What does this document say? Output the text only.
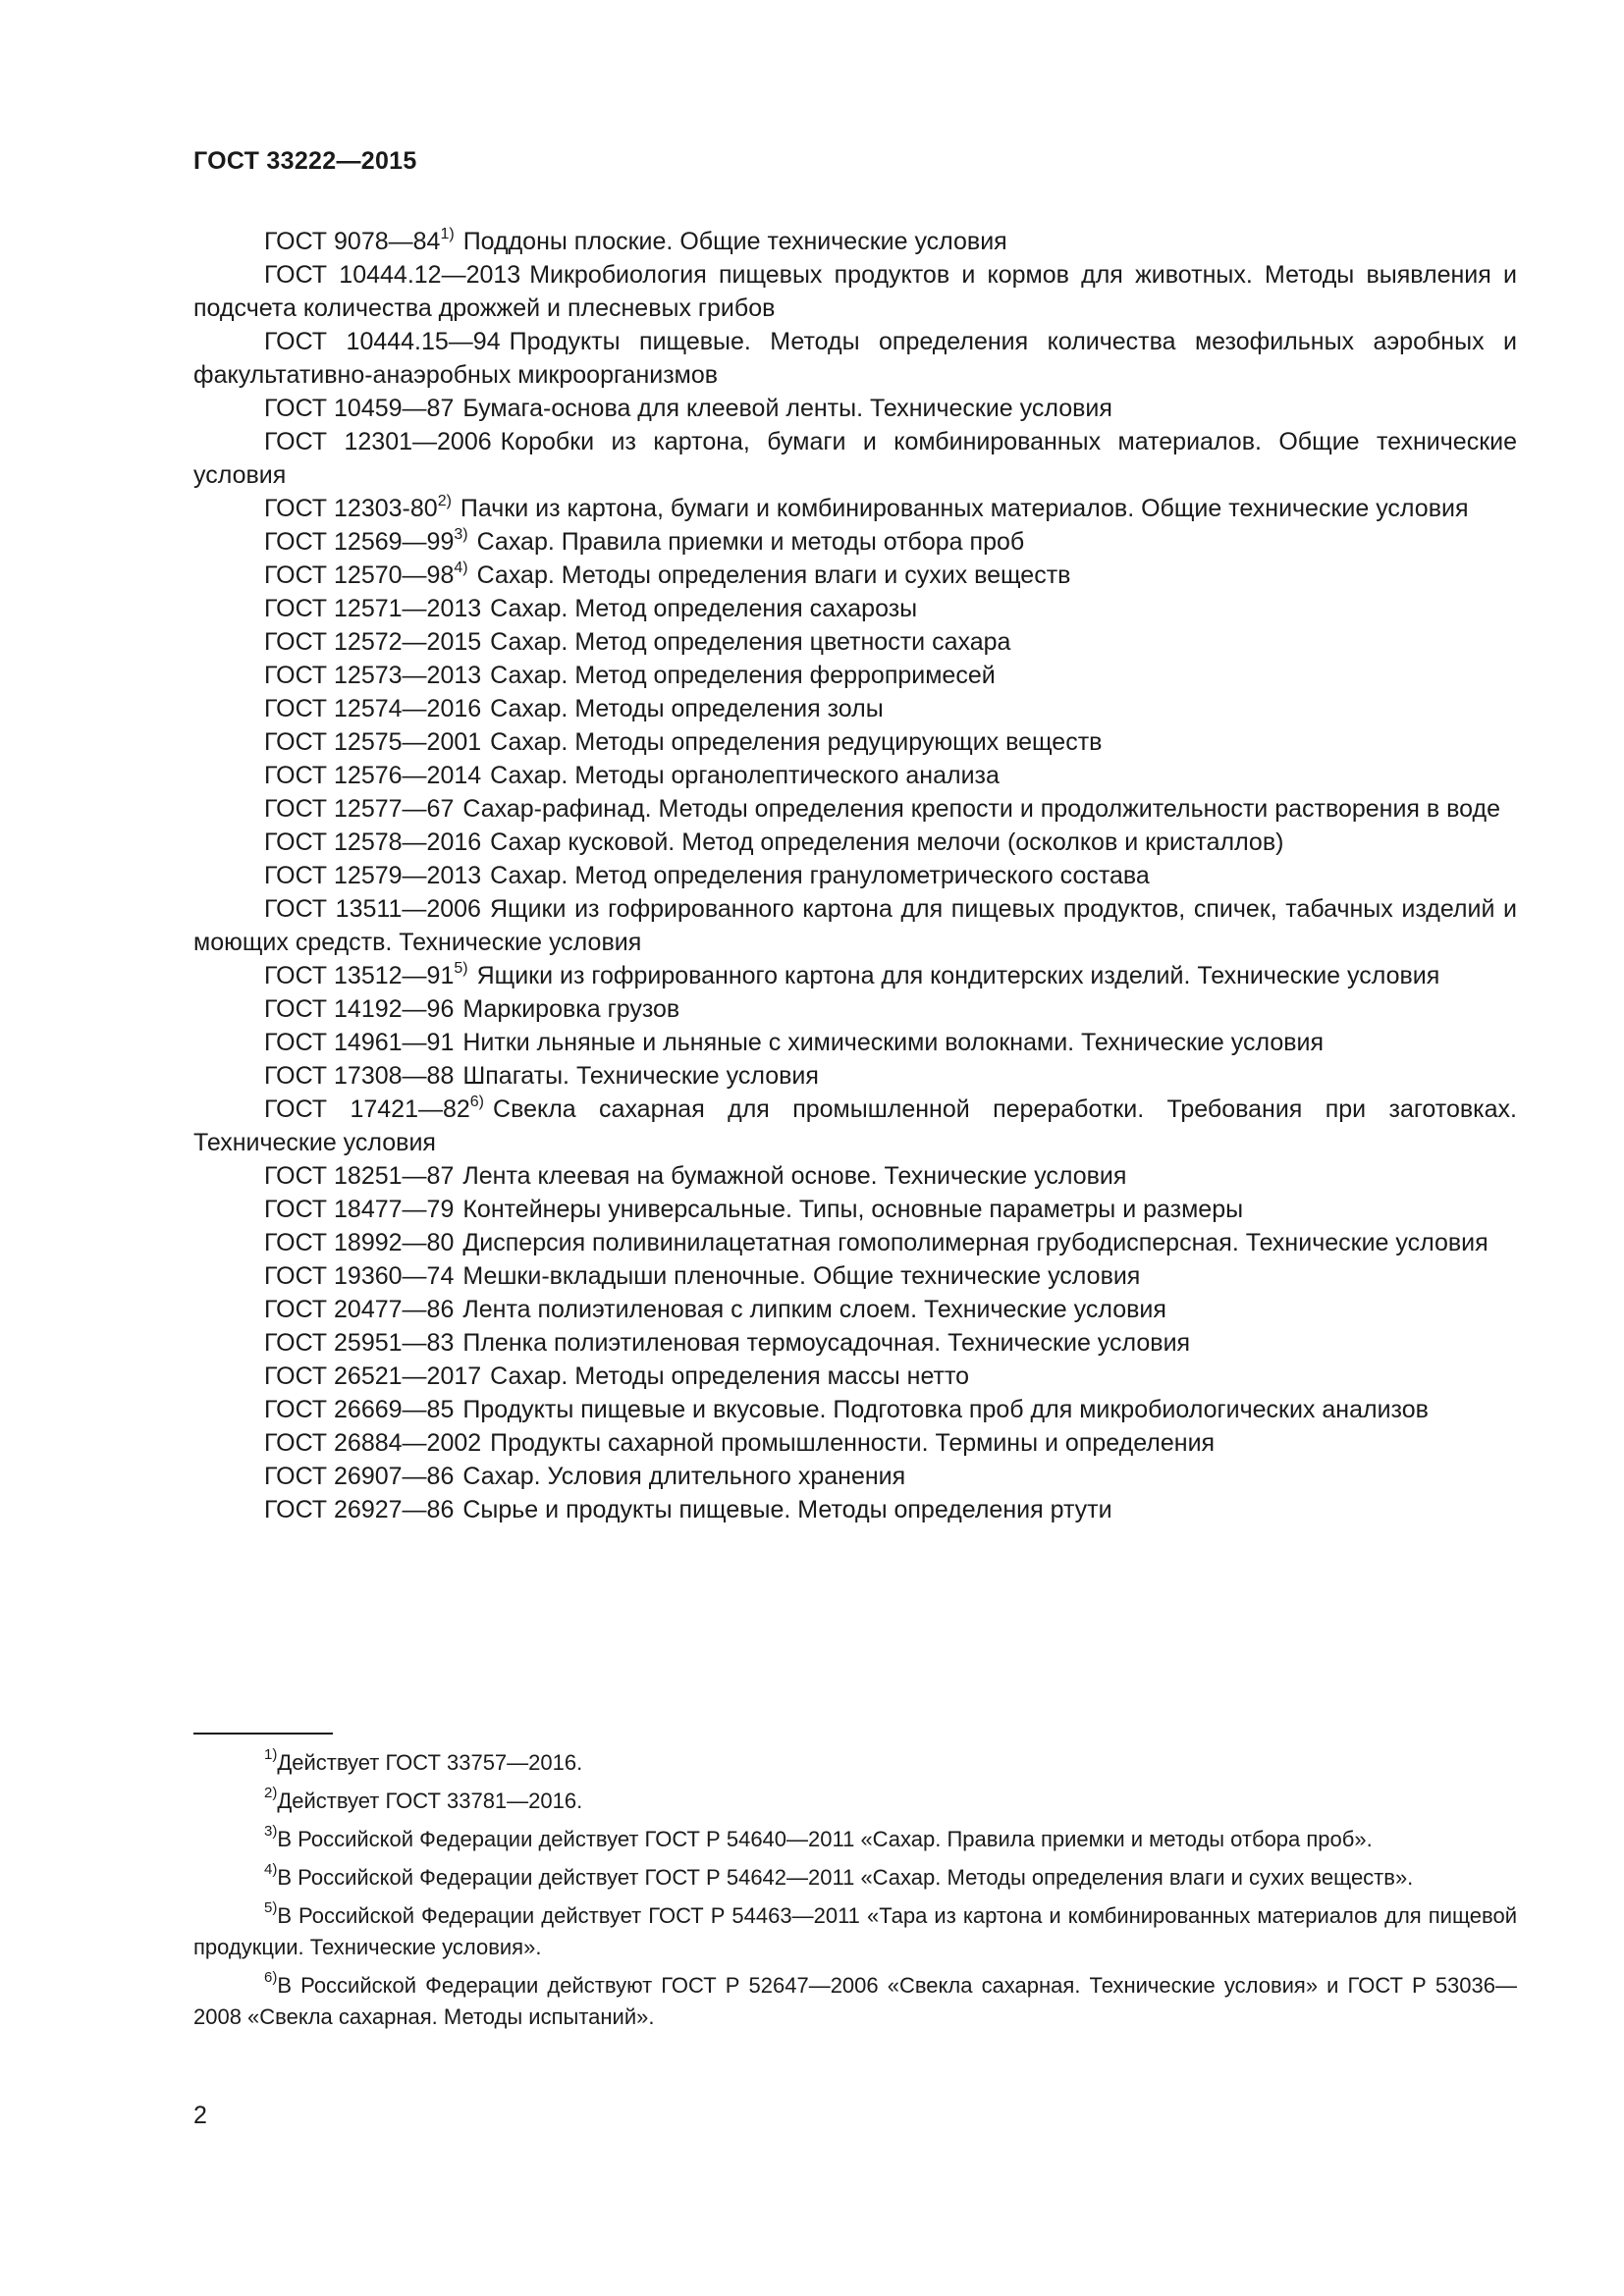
ГОСТ 33222—2015

ГОСТ 9078—84$^{1)}$ Поддоны плоские. Общие технические условия

ГОСТ 10444.12—2013 Микробиология пищевых продуктов и кормов для животных. Методы выявления и подсчета количества дрожжей и плесневых грибов

ГОСТ 10444.15—94 Продукты пищевые. Методы определения количества мезофильных аэробных и факультативно-анаэробных микроорганизмов

ГОСТ 10459—87 Бумага-основа для клеевой ленты. Технические условия

ГОСТ 12301—2006 Коробки из картона, бумаги и комбинированных материалов. Общие технические условия

ГОСТ 12303-80$^{2)}$ Пачки из картона, бумаги и комбинированных материалов. Общие технические условия

ГОСТ 12569—99$^{3)}$ Сахар. Правила приемки и методы отбора проб

ГОСТ 12570—98$^{4)}$ Сахар. Методы определения влаги и сухих веществ

ГОСТ 12571—2013 Сахар. Метод определения сахарозы

ГОСТ 12572—2015 Сахар. Метод определения цветности сахара

ГОСТ 12573—2013 Сахар. Метод определения ферропримесей

ГОСТ 12574—2016 Сахар. Методы определения золы

ГОСТ 12575—2001 Сахар. Методы определения редуцирующих веществ

ГОСТ 12576—2014 Сахар. Методы органолептического анализа

ГОСТ 12577—67 Сахар-рафинад. Методы определения крепости и продолжительности растворения в воде

ГОСТ 12578—2016 Сахар кусковой. Метод определения мелочи (осколков и кристаллов)

ГОСТ 12579—2013 Сахар. Метод определения гранулометрического состава

ГОСТ 13511—2006 Ящики из гофрированного картона для пищевых продуктов, спичек, табачных изделий и моющих средств. Технические условия

ГОСТ 13512—91$^{5)}$ Ящики из гофрированного картона для кондитерских изделий. Технические условия

ГОСТ 14192—96 Маркировка грузов

ГОСТ 14961—91 Нитки льняные и льняные с химическими волокнами. Технические условия

ГОСТ 17308—88 Шпагаты. Технические условия

ГОСТ 17421—82$^{6)}$ Свекла сахарная для промышленной переработки. Требования при заготовках. Технические условия

ГОСТ 18251—87 Лента клеевая на бумажной основе. Технические условия

ГОСТ 18477—79 Контейнеры универсальные. Типы, основные параметры и размеры

ГОСТ 18992—80 Дисперсия поливинилацетатная гомополимерная грубодисперсная. Технические условия

ГОСТ 19360—74 Мешки-вкладыши пленочные. Общие технические условия

ГОСТ 20477—86 Лента полиэтиленовая с липким слоем. Технические условия

ГОСТ 25951—83 Пленка полиэтиленовая термоусадочная. Технические условия

ГОСТ 26521—2017 Сахар. Методы определения массы нетто

ГОСТ 26669—85 Продукты пищевые и вкусовые. Подготовка проб для микробиологических анализов

ГОСТ 26884—2002 Продукты сахарной промышленности. Термины и определения

ГОСТ 26907—86 Сахар. Условия длительного хранения

ГОСТ 26927—86 Сырье и продукты пищевые. Методы определения ртути

$^{1)}$Действует ГОСТ 33757—2016.

$^{2)}$Действует ГОСТ 33781—2016.

$^{3)}$В Российской Федерации действует ГОСТ Р 54640—2011 «Сахар. Правила приемки и методы отбора проб».

$^{4)}$В Российской Федерации действует ГОСТ Р 54642—2011 «Сахар. Методы определения влаги и сухих веществ».

$^{5)}$В Российской Федерации действует ГОСТ Р 54463—2011 «Тара из картона и комбинированных материалов для пищевой продукции. Технические условия».

$^{6)}$В Российской Федерации действуют ГОСТ Р 52647—2006 «Свекла сахарная. Технические условия» и ГОСТ Р 53036—2008 «Свекла сахарная. Методы испытаний».

2
